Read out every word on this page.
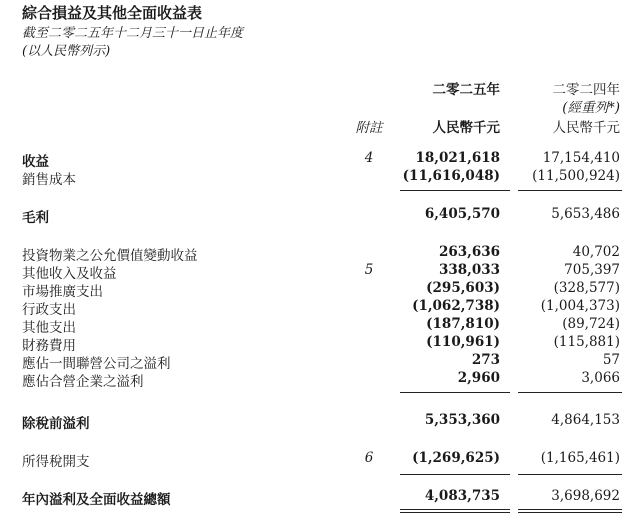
綜合損益及其他全面收益表
截至二零二五年十二月三十一日止年度
(以人民幣列示)
二零二五年	二零二四年
(經重列*)
附註	人民幣千元	人民幣千元
收益	4	18,021,618	17,154,410
銷售成本	(11,616,048) (11,500,924)
毛利	6,405,570	5,653,486
投資物業之公允價值變動收益	263,636	40,702
其他收入及收益	5	338,033	705,397
市場推廣支出	(295,603)	(328,577)
行政支出	(1,062,738)	(1,004,373)
其他支出	(187,810)	(89,724)
財務費用	(110,961)	(115,881)
應佔一間聯營公司之溢利	273	57
應佔合營企業之溢利	2,960	3,066
除稅前溢利	5,353,360	4,864,153
所得稅開支	6	(1,269,625)	(1,165,461)
年內溢利及全面收益總額	4,083,735	3,698,692
